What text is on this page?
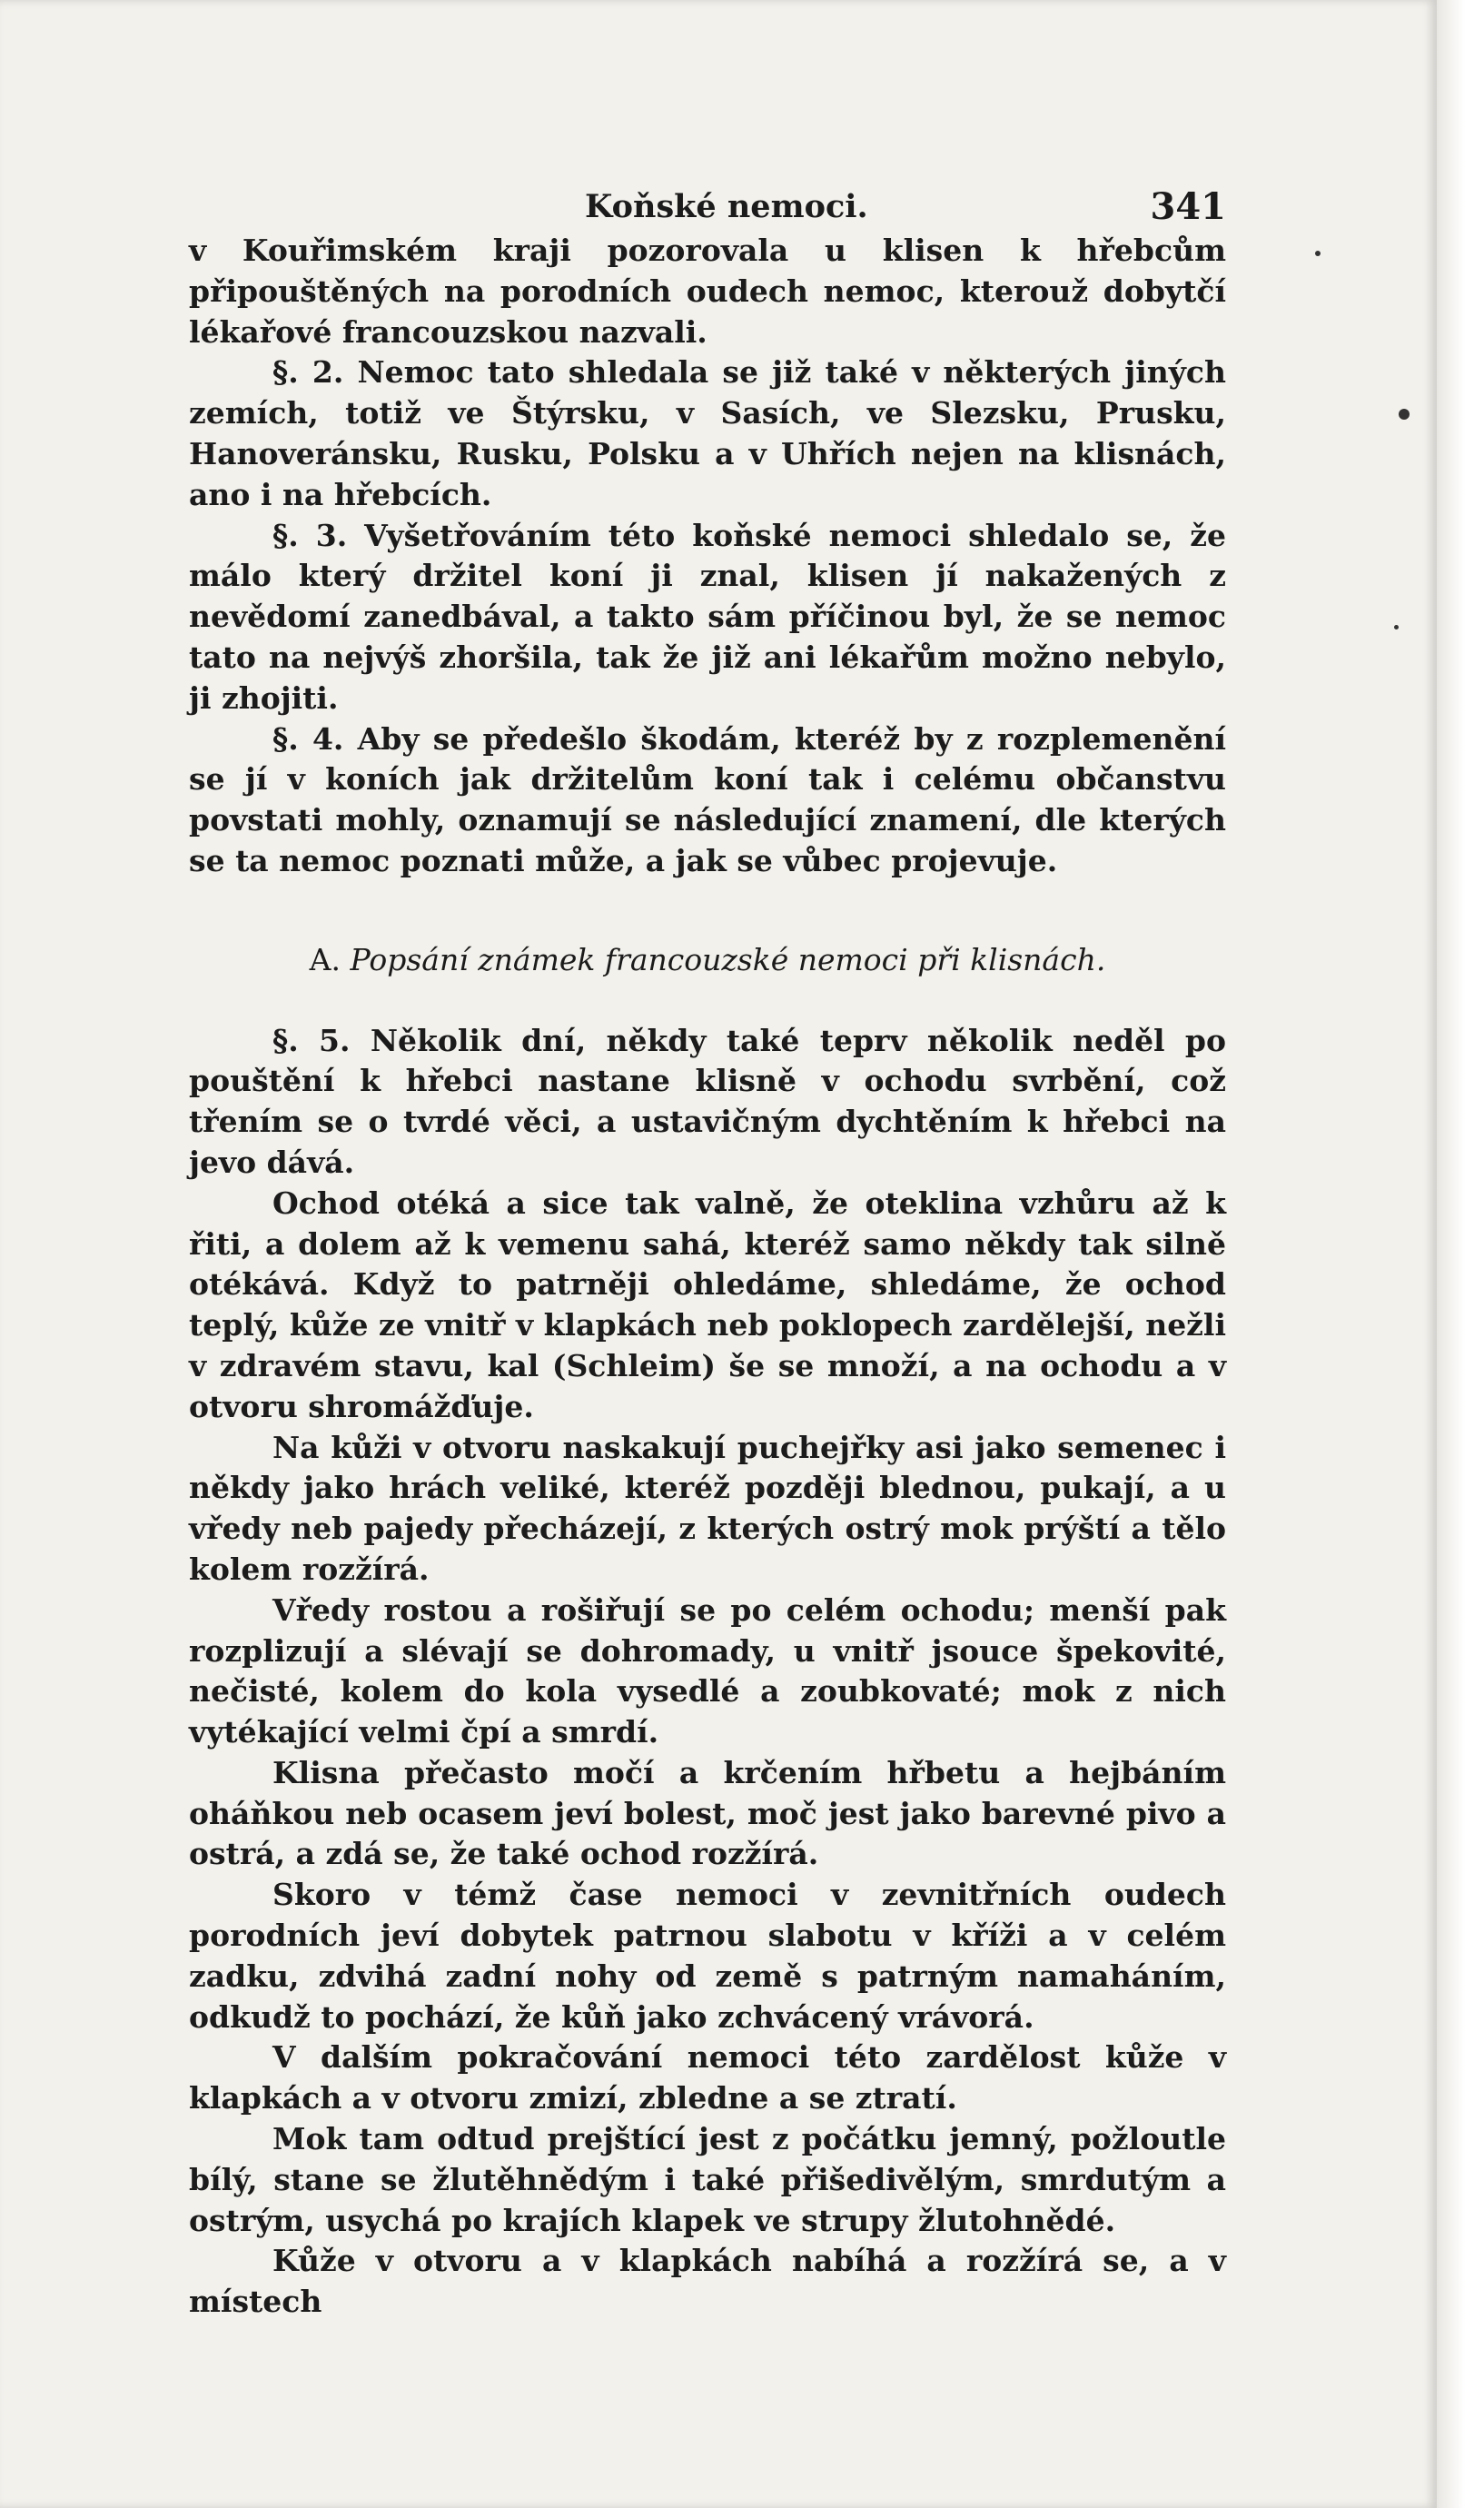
Koňské nemoci.	341

v Kouřimském kraji pozorovala u klisen k hřebcům připouštěných na porodních oudech nemoc, kterouž dobytčí lékařové francouzskou nazvali.

§. 2. Nemoc tato shledala se již také v některých jiných zemích, totiž ve Štýrsku, v Sasích, ve Slezsku, Prusku, Hanoveránsku, Rusku, Polsku a v Uhřích nejen na klisnách, ano i na hřebcích.

§. 3. Vyšetřováním této koňské nemoci shledalo se, že málo který držitel koní ji znal, klisen jí nakažených z nevědomí zanedbával, a takto sám příčinou byl, že se nemoc tato na nejvýš zhoršila, tak že již ani lékařům možno nebylo, ji zhojiti.

§. 4. Aby se předešlo škodám, kteréž by z rozplemenění se jí v koních jak držitelům koní tak i celému občanstvu povstati mohly, oznamují se následující znamení, dle kterých se ta nemoc poznati může, a jak se vůbec projevuje.

A. Popsání známek francouzské nemoci při klisnách.

§. 5. Několik dní, někdy také teprv několik neděl po pouštění k hřebci nastane klisně v ochodu svrbění, což třením se o tvrdé věci, a ustavičným dychtěním k hřebci na jevo dává.

Ochod otéká a sice tak valně, že oteklina vzhůru až k řiti, a dolem až k vemenu sahá, kteréž samo někdy tak silně otékává. Když to patrněji ohledáme, shledáme, že ochod teplý, kůže ze vnitř v klapkách neb poklopech zardělejší, nežli v zdravém stavu, kal (Schleim) še se množí, a na ochodu a v otvoru shromážďuje.

Na kůži v otvoru naskakují puchejřky asi jako semenec i někdy jako hrách veliké, kteréž později blednou, pukají, a u vředy neb pajedy přecházejí, z kterých ostrý mok prýští a tělo kolem rozžírá.

Vředy rostou a rošiřují se po celém ochodu; menší pak rozplizují a slévají se dohromady, u vnitř jsouce špekovité, nečisté, kolem do kola vysedlé a zoubkovaté; mok z nich vytékající velmi čpí a smrdí.

Klisna přečasto močí a krčením hřbetu a hejbáním oháňkou neb ocasem jeví bolest, moč jest jako barevné pivo a ostrá, a zdá se, že také ochod rozžírá.

Skoro v témž čase nemoci v zevnitřních oudech porodních jeví dobytek patrnou slabotu v kříži a v celém zadku, zdvihá zadní nohy od země s patrným namaháním, odkudž to pochází, že kůň jako zchvácený vrávorá.

V dalším pokračování nemoci této zardělost kůže v klapkách a v otvoru zmizí, zbledne a se ztratí.

Mok tam odtud prejštící jest z počátku jemný, požloutle bílý, stane se žlutěhnědým i také přišedivělým, smrdutým a ostrým, usychá po krajích klapek ve strupy žlutohnědé.

Kůže v otvoru a v klapkách nabíhá a rozžírá se, a v místech
